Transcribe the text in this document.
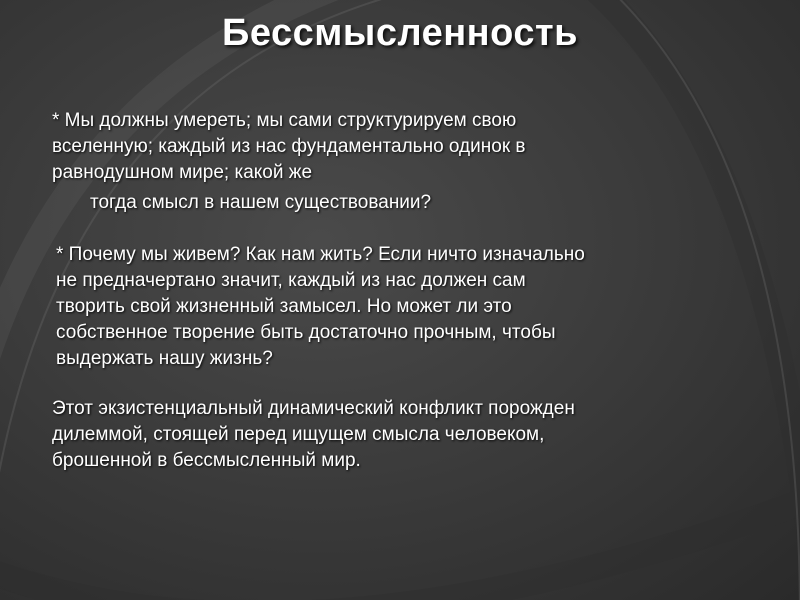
Бессмысленность

* Мы должны умереть; мы сами структурируем свою
вселенную; каждый из нас фундаментально одинок в
равнодушном мире; какой же

тогда смысл в нашем существовании?

* Почему мы живем? Как нам жить? Если ничто изначально
не предначертано значит, каждый из нас должен сам
творить свой жизненный замысел. Но может ли это
собственное творение быть достаточно прочным, чтобы
выдержать нашу жизнь?

Этот экзистенциальный динамический конфликт порожден
дилеммой, стоящей перед ищущем смысла человеком,
брошенной в бессмысленный мир.
